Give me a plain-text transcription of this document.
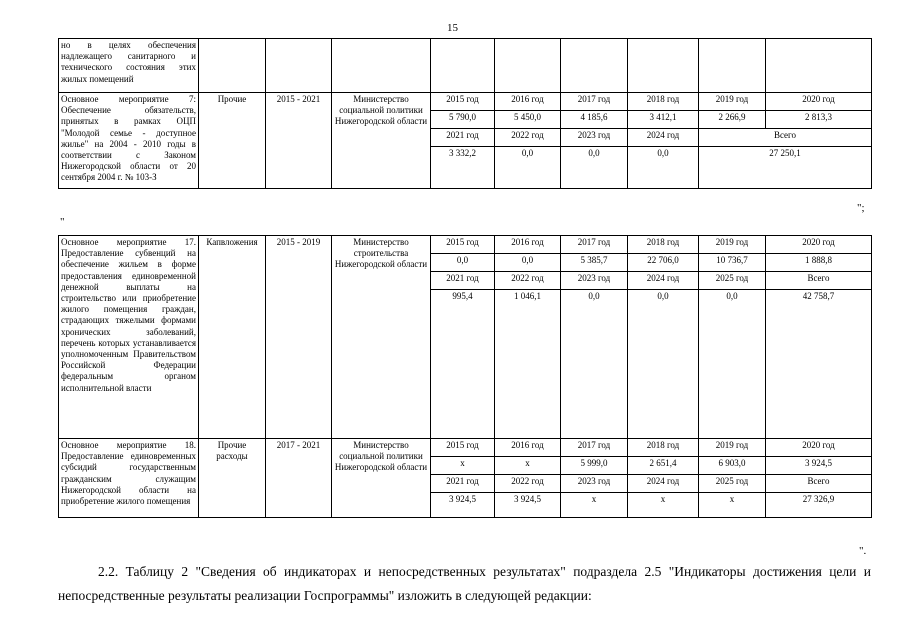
15
но в целях обеспечения надлежащего санитарного и технического состояния этих жилых помещений									
Основное мероприятие 7: Обеспечение обязательств, принятых в рамках ОЦП "Молодой семье - доступное жилье" на 2004 - 2010 годы в соответствии с Законом Нижегородской области от 20 сентября 2004 г. № 103-З	Прочие	2015 - 2021	Министерство социальной политики Нижегородской области	2015 год	2016 год	2017 год	2018 год	2019 год	2020 год
				5 790,0	5 450,0	4 185,6	3 412,1	2 266,9	2 813,3
				2021 год	2022 год	2023 год	2024 год	Всего	
				3 332,2	0,0	0,0	0,0	27 250,1	
";
"
Основное мероприятие 17. Предоставление субвенций на обеспечение жильем в форме предоставления единовременной денежной выплаты на строительство или приобретение жилого помещения граждан, страдающих тяжелыми формами хронических заболеваний, перечень которых устанавливается уполномоченным Правительством Российской Федерации федеральным органом исполнительной власти	Капвложения	2015 - 2019	Министерство строительства Нижегородской области	2015 год	2016 год	2017 год	2018 год	2019 год	2020 год
				0,0	0,0	5 385,7	22 706,0	10 736,7	1 888,8
				2021 год	2022 год	2023 год	2024 год	2025 год	Всего
				995,4	1 046,1	0,0	0,0	0,0	42 758,7
Основное мероприятие 18. Предоставление единовременных субсидий государственным гражданским служащим Нижегородской области на приобретение жилого помещения	Прочие расходы	2017 - 2021	Министерство социальной политики Нижегородской области	2015 год	2016 год	2017 год	2018 год	2019 год	2020 год
				x	x	5 999,0	2 651,4	6 903,0	3 924,5
				2021 год	2022 год	2023 год	2024 год	2025 год	Всего
				3 924,5	3 924,5	x	x	x	27 326,9
".
2.2. Таблицу 2 "Сведения об индикаторах и непосредственных результатах" подраздела 2.5 "Индикаторы достижения цели и непосредственные результаты реализации Госпрограммы" изложить в следующей редакции:
